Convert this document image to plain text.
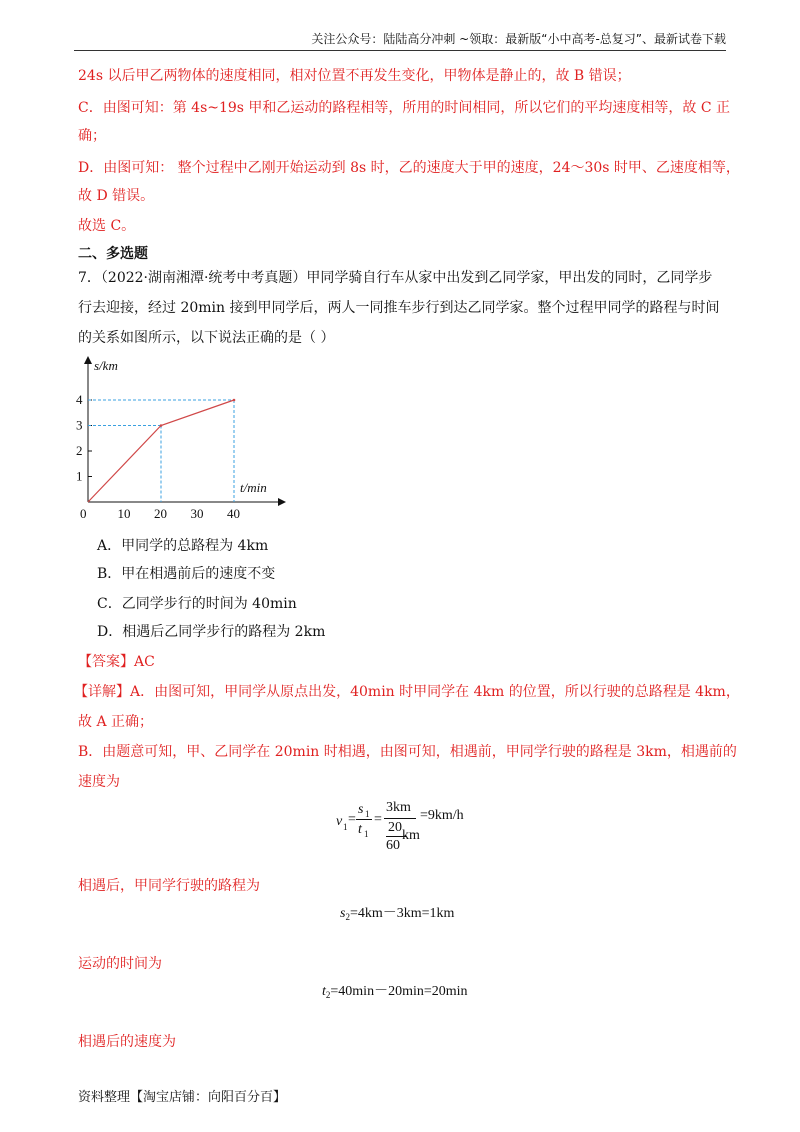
关注公众号：陆陆高分冲刺 ~领取：最新版“小中高考-总复习”、最新试卷下载
24s 以后甲乙两物体的速度相同，相对位置不再发生变化，甲物体是静止的，故 B 错误；
C．由图可知：第 4s~19s 甲和乙运动的路程相等，所用的时间相同，所以它们的平均速度相等，故 C 正
确；
D．由图可知： 整个过程中乙刚开始运动到 8s 时，乙的速度大于甲的速度，24～30s 时甲、乙速度相等，
故 D 错误。
故选 C。
二、多选题
7．（2022·湖南湘潭·统考中考真题）甲同学骑自行车从家中出发到乙同学家，甲出发的同时，乙同学步
行去迎接，经过 20min 接到甲同学后，两人一同推车步行到达乙同学家。整个过程甲同学的路程与时间
的关系如图所示，以下说法正确的是（ ）
s/km
t/min
0 10 20 30 40
1
2
3
4
A．甲同学的总路程为 4km
B．甲在相遇前后的速度不变
C．乙同学步行的时间为 40min
D．相遇后乙同学步行的路程为 2km
【答案】AC
【详解】A．由图可知，甲同学从原点出发，40min 时甲同学在 4km 的位置，所以行驶的总路程是 4km，
故 A 正确；
B．由题意可知，甲、乙同学在 20min 时相遇，由图可知，相遇前，甲同学行驶的路程是 3km，相遇前的
速度为
v 1 =
s 1
t 1
=
3km
20
60
km
=9km/h
相遇后，甲同学行驶的路程为
$s_2=4km-3km=1km$
运动的时间为
$t_2=40\min-20\min=20\min$
相遇后的速度为
资料整理【淘宝店铺：向阳百分百】
